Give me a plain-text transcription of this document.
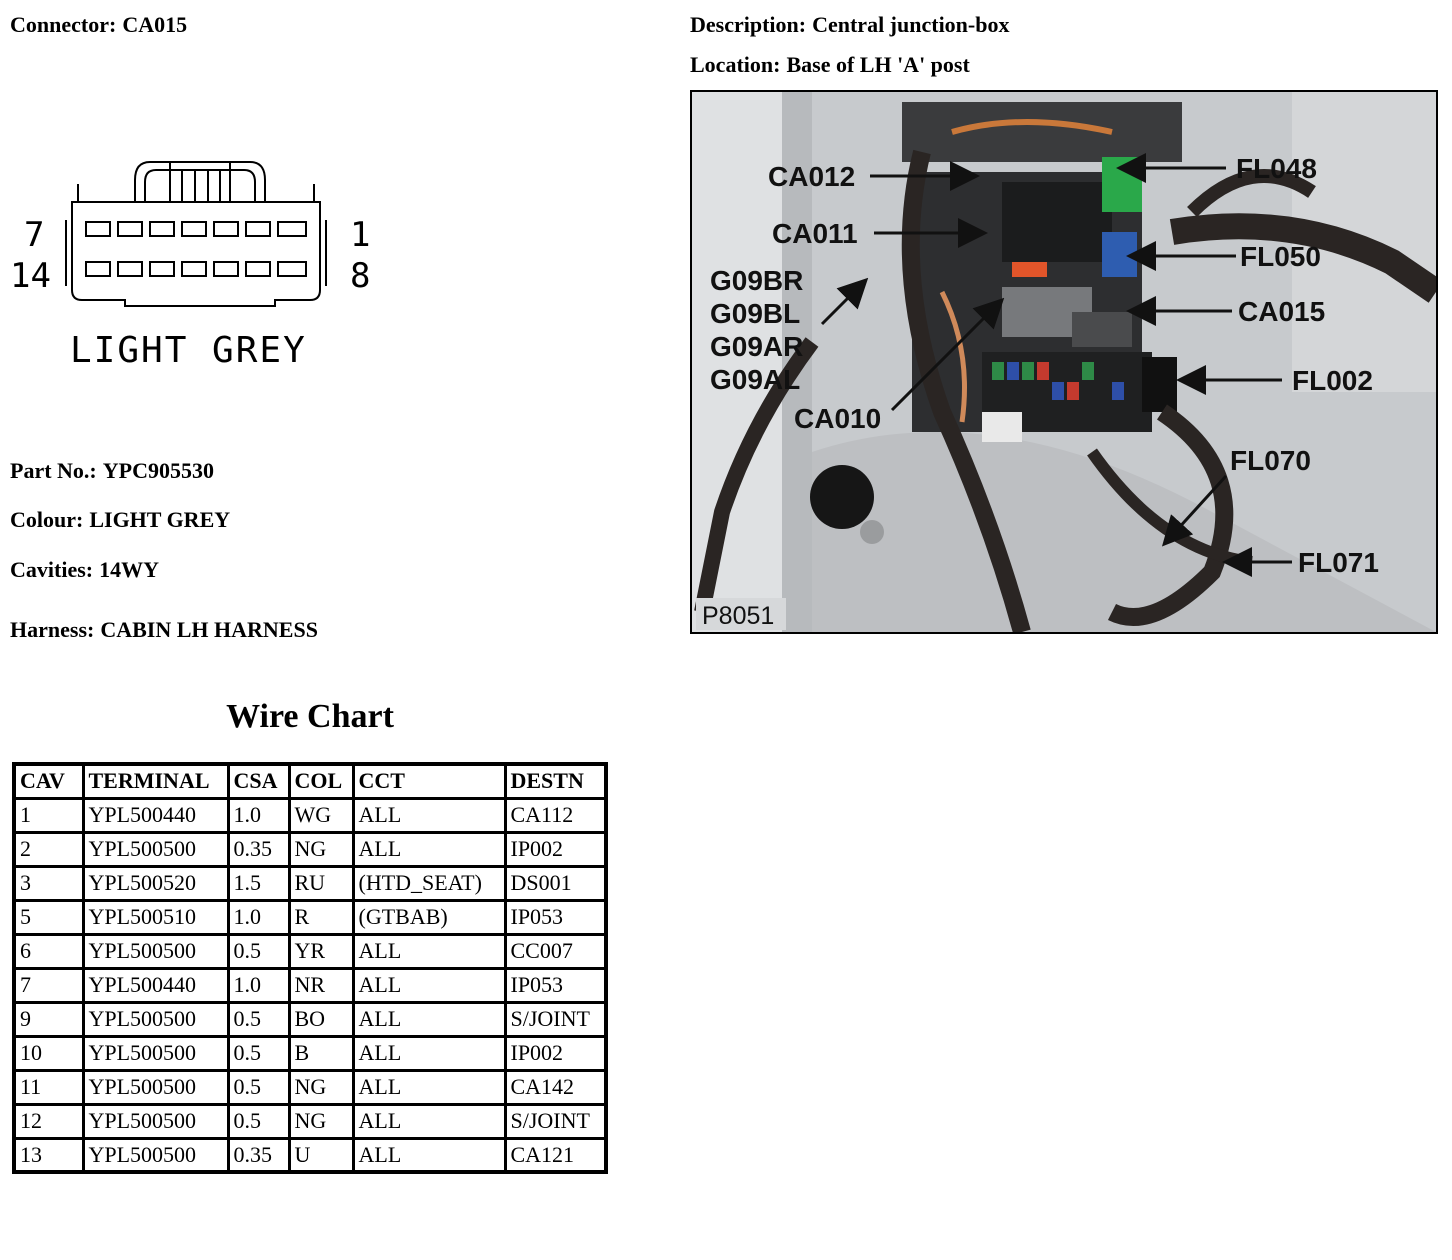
Connector: CA015	Description: Central junction-box
Location: Base of LH 'A' post
7
14
1
8
LIGHT GREY
Part No.: YPC905530
Colour: LIGHT GREY
Cavities: 14WY
Harness: CABIN LH HARNESS
CA012
CA011
G09BR
G09BL
G09AR
G09AL
CA010
FL048
FL050
CA015
FL002
FL070
FL071
P8051
Wire Chart
CAV	TERMINAL	CSA	COL	CCT	DESTN
1	YPL500440	1.0	WG	ALL	CA112
2	YPL500500	0.35	NG	ALL	IP002
3	YPL500520	1.5	RU	(HTD_SEAT)	DS001
5	YPL500510	1.0	R	(GTBAB)	IP053
6	YPL500500	0.5	YR	ALL	CC007
7	YPL500440	1.0	NR	ALL	IP053
9	YPL500500	0.5	BO	ALL	S/JOINT
10	YPL500500	0.5	B	ALL	IP002
11	YPL500500	0.5	NG	ALL	CA142
12	YPL500500	0.5	NG	ALL	S/JOINT
13	YPL500500	0.35	U	ALL	CA121
